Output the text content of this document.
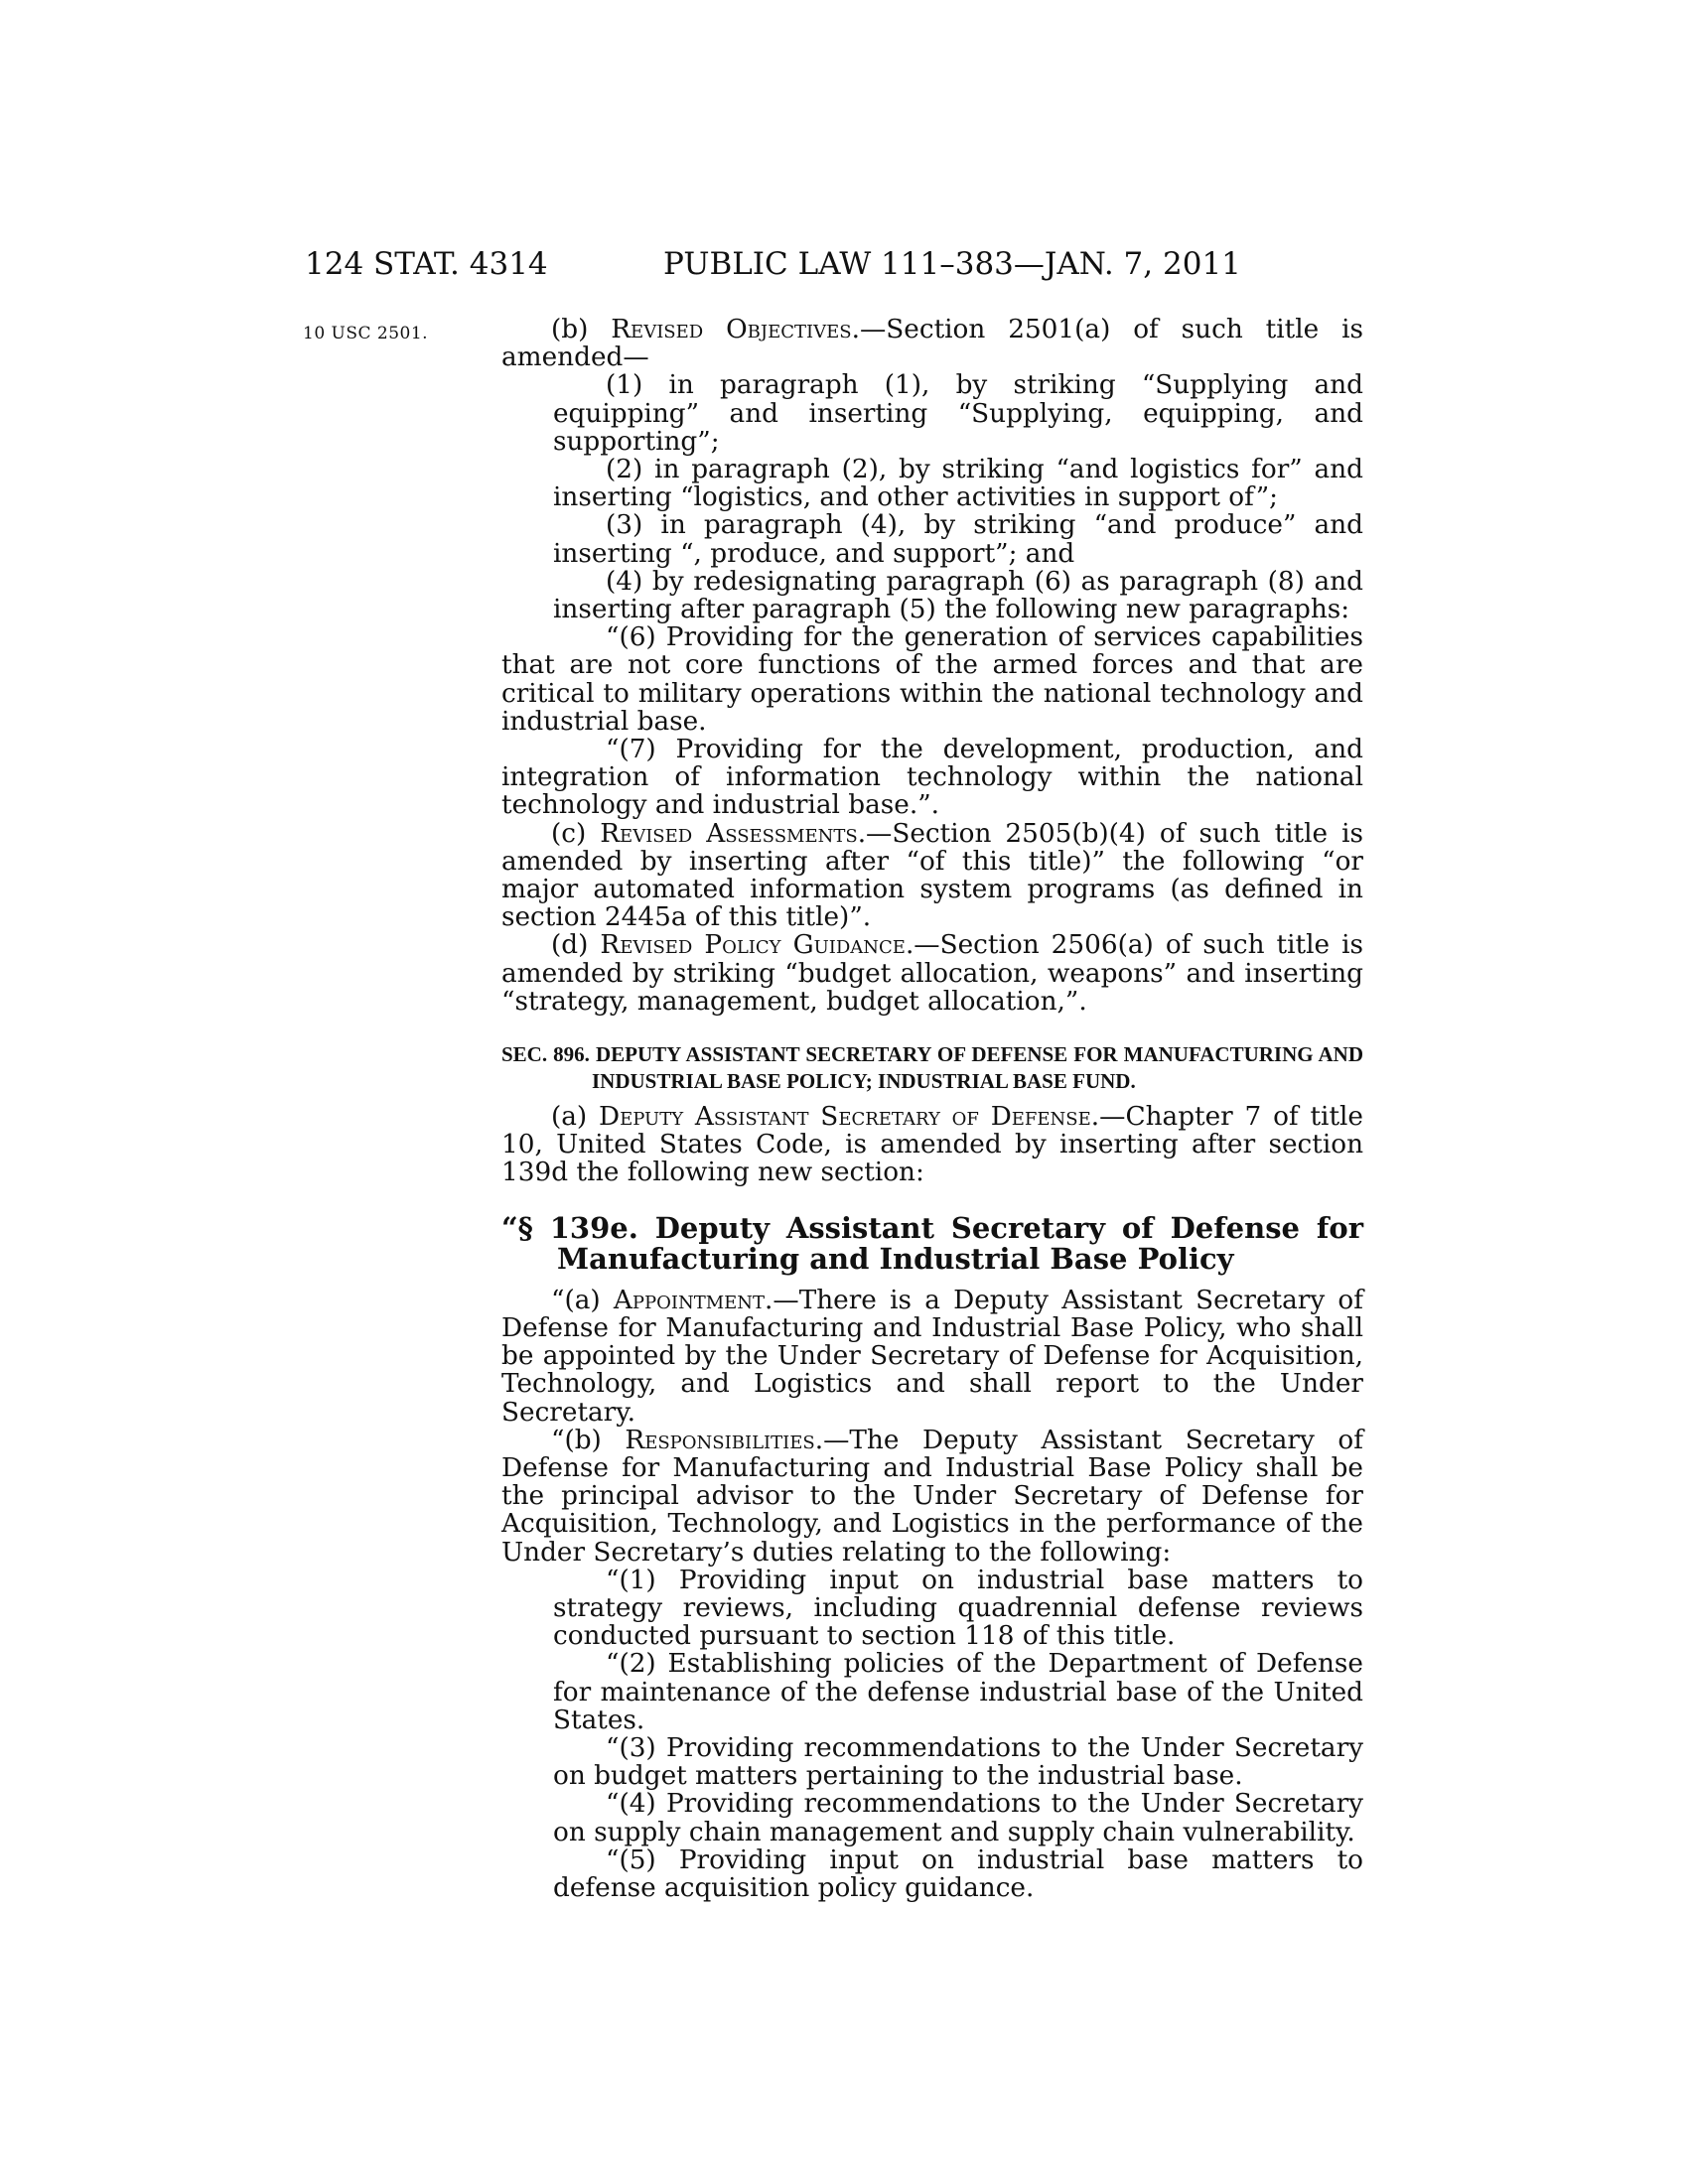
124 STAT. 4314	PUBLIC LAW 111–383—JAN. 7, 2011
10 USC 2501.	(b) Revised Objectives.—Section 2501(a) of such title is amended—

(1) in paragraph (1), by striking “Supplying and equipping” and inserting “Supplying, equipping, and supporting”;

(2) in paragraph (2), by striking “and logistics for” and inserting “logistics, and other activities in support of”;

(3) in paragraph (4), by striking “and produce” and inserting “, produce, and support”; and

(4) by redesignating paragraph (6) as paragraph (8) and inserting after paragraph (5) the following new paragraphs:

“(6) Providing for the generation of services capabilities that are not core functions of the armed forces and that are critical to military operations within the national technology and industrial base.

“(7) Providing for the development, production, and integration of information technology within the national technology and industrial base.”.

(c) Revised Assessments.—Section 2505(b)(4) of such title is amended by inserting after “of this title)” the following “or major automated information system programs (as defined in section 2445a of this title)”.

(d) Revised Policy Guidance.—Section 2506(a) of such title is amended by striking “budget allocation, weapons” and inserting “strategy, management, budget allocation,”.

SEC. 896. DEPUTY ASSISTANT SECRETARY OF DEFENSE FOR MANUFACTURING AND INDUSTRIAL BASE POLICY; INDUSTRIAL BASE FUND.

(a) Deputy Assistant Secretary of Defense.—Chapter 7 of title 10, United States Code, is amended by inserting after section 139d the following new section:

“§ 139e. Deputy Assistant Secretary of Defense for Manufacturing and Industrial Base Policy

“(a) Appointment.—There is a Deputy Assistant Secretary of Defense for Manufacturing and Industrial Base Policy, who shall be appointed by the Under Secretary of Defense for Acquisition, Technology, and Logistics and shall report to the Under Secretary.

“(b) Responsibilities.—The Deputy Assistant Secretary of Defense for Manufacturing and Industrial Base Policy shall be the principal advisor to the Under Secretary of Defense for Acquisition, Technology, and Logistics in the performance of the Under Secretary’s duties relating to the following:

“(1) Providing input on industrial base matters to strategy reviews, including quadrennial defense reviews conducted pursuant to section 118 of this title.

“(2) Establishing policies of the Department of Defense for maintenance of the defense industrial base of the United States.

“(3) Providing recommendations to the Under Secretary on budget matters pertaining to the industrial base.

“(4) Providing recommendations to the Under Secretary on supply chain management and supply chain vulnerability.

“(5) Providing input on industrial base matters to defense acquisition policy guidance.
